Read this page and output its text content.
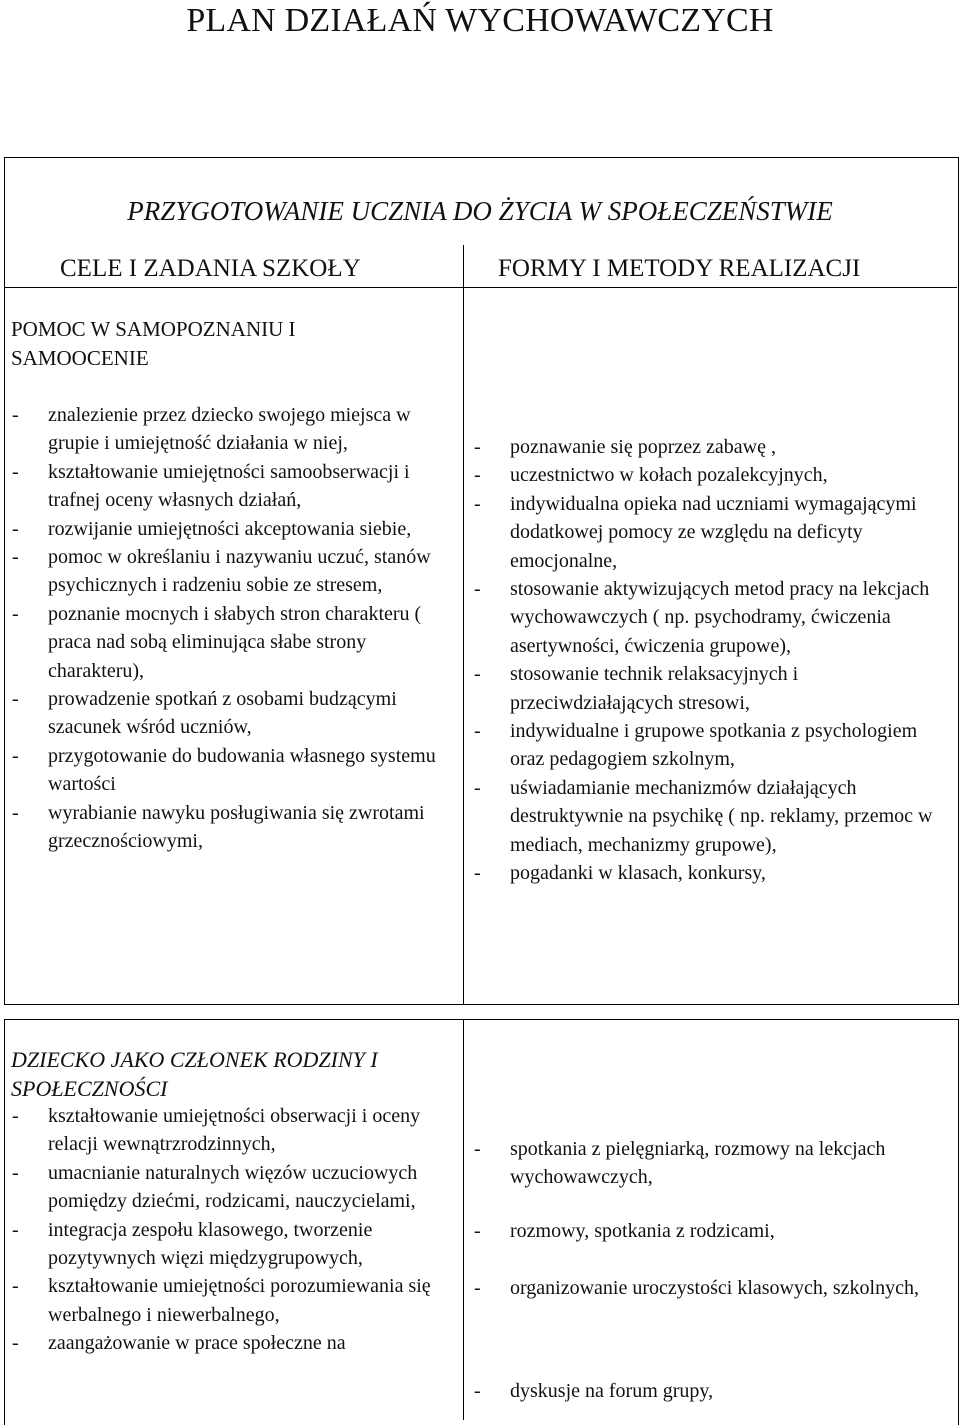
PLAN DZIAŁAŃ WYCHOWAWCZYCH
PRZYGOTOWANIE UCZNIA DO ŻYCIA W SPOŁECZEŃSTWIE
CELE I ZADANIA SZKOŁY	FORMY I METODY REALIZACJI
POMOC W SAMOPOZNANIU I SAMOOCENIE
- znalezienie przez dziecko swojego miejsca w grupie i umiejętność działania w niej,
- kształtowanie umiejętności samoobserwacji i trafnej oceny własnych działań,
- rozwijanie umiejętności akceptowania siebie,
- pomoc w określaniu i nazywaniu uczuć, stanów psychicznych i radzeniu sobie ze stresem,
- poznanie mocnych i słabych stron charakteru ( praca nad sobą eliminująca słabe strony charakteru),
- prowadzenie spotkań z osobami budzącymi szacunek wśród uczniów,
- przygotowanie do budowania własnego systemu wartości
- wyrabianie nawyku posługiwania się zwrotami grzecznościowymi,
- poznawanie się poprzez zabawę ,
- uczestnictwo w kołach pozalekcyjnych,
- indywidualna opieka nad uczniami wymagającymi dodatkowej pomocy ze względu na deficyty emocjonalne,
- stosowanie aktywizujących metod pracy na lekcjach wychowawczych ( np. psychodramy, ćwiczenia asertywności, ćwiczenia grupowe),
- stosowanie technik relaksacyjnych i przeciwdziałających stresowi,
- indywidualne i grupowe spotkania z psychologiem oraz pedagogiem szkolnym,
- uświadamianie mechanizmów działających destruktywnie na psychikę ( np. reklamy, przemoc w mediach, mechanizmy grupowe),
- pogadanki w klasach, konkursy,
DZIECKO JAKO CZŁONEK RODZINY I SPOŁECZNOŚCI
- kształtowanie umiejętności obserwacji i oceny relacji wewnątrzrodzinnych,
- umacnianie naturalnych więzów uczuciowych pomiędzy dziećmi, rodzicami, nauczycielami,
- integracja zespołu klasowego, tworzenie pozytywnych więzi międzygrupowych,
- kształtowanie umiejętności porozumiewania się werbalnego i niewerbalnego,
- zaangażowanie w prace społeczne na
- spotkania z pielęgniarką, rozmowy na lekcjach wychowawczych,
- rozmowy, spotkania z rodzicami,
- organizowanie uroczystości klasowych, szkolnych,
- dyskusje na forum grupy,
